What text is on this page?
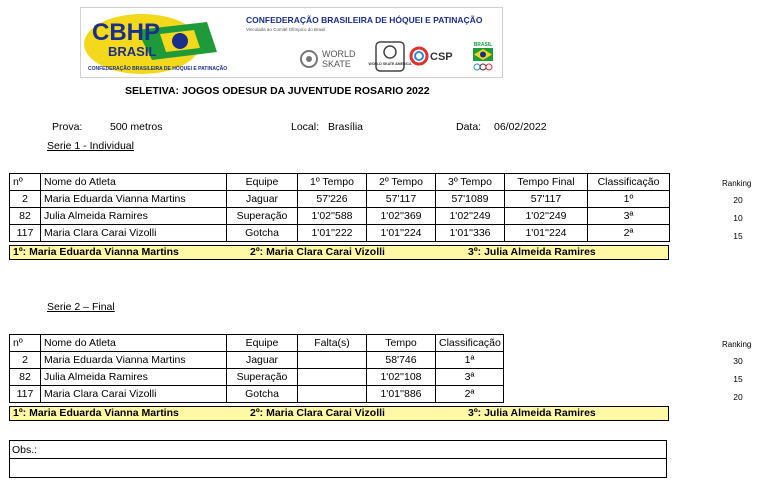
CBHP
BRASIL
CONFEDERAÇÃO BRASILEIRA DE HÓQUEI E PATINAÇÃO
CONFEDERAÇÃO BRASILEIRA DE HÓQUEI E PATINAÇÃO
Vinculada ao Comitê Olímpico do Brasil
WORLD
SKATE	WORLD SKATE AMERICA
CSP
BRASIL
SELETIVA: JOGOS ODESUR DA JUVENTUDE ROSARIO 2022
Prova:	500 metros	Local: Brasília	Data: 06/02/2022
Serie 1 - Individual
nº	Nome do Atleta	Equipe	1º Tempo	2º Tempo	3º Tempo	Tempo Final	Classificação
2	Maria Eduarda Vianna Martins	Jaguar	57'226	57'117	57'1089	57'117	1º
82	Julia Almeida Ramires	Superação	1'02''588	1'02''369	1'02''249	1'02''249	3ª
117	Maria Clara Carai Vizolli	Gotcha	1'01''222	1'01''224	1'01''336	1'01''224	2ª
1º: Maria Eduarda Vianna Martins	2º: Maria Clara Carai Vizolli	3º: Julia Almeida Ramires
Ranking
20
10
15
Serie 2 – Final
nº	Nome do Atleta	Equipe	Falta(s)	Tempo	Classificação
2	Maria Eduarda Vianna Martins	Jaguar		58'746	1ª
82	Julia Almeida Ramires	Superação		1'02''108	3ª
117	Maria Clara Carai Vizolli	Gotcha		1'01''886	2ª
1º: Maria Eduarda Vianna Martins	2º: Maria Clara Carai Vizolli	3º: Julia Almeida Ramires
Ranking
30
15
20
Obs.:
